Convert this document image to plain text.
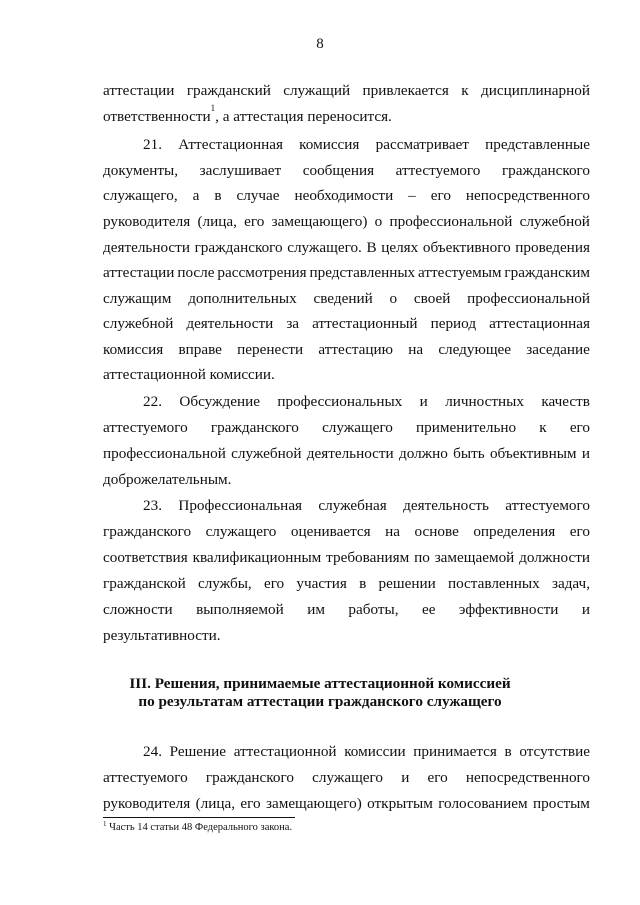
8
аттестации гражданский служащий привлекается к дисциплинарной
ответственности 1 , а аттестация переносится.
21. Аттестационная комиссия рассматривает представленные
документы, заслушивает сообщения аттестуемого гражданского
служащего, а в случае необходимости – его непосредственного
руководителя (лица, его замещающего) о профессиональной служебной
деятельности гражданского служащего. В целях объективного проведения
аттестации после рассмотрения представленных аттестуемым гражданским
служащим дополнительных сведений о своей профессиональной
служебной деятельности за аттестационный период аттестационная
комиссия вправе перенести аттестацию на следующее заседание
аттестационной комиссии.
22. Обсуждение профессиональных и личностных качеств
аттестуемого гражданского служащего применительно к его
профессиональной служебной деятельности должно быть объективным и
доброжелательным.
23. Профессиональная служебная деятельность аттестуемого
гражданского служащего оценивается на основе определения его
соответствия квалификационным требованиям по замещаемой должности
гражданской службы, его участия в решении поставленных задач,
сложности выполняемой им работы, ее эффективности и
результативности.
24. Решение аттестационной комиссии принимается в отсутствие
аттестуемого гражданского служащего и его непосредственного
руководителя (лица, его замещающего) открытым голосованием простым
III. Решения, принимаемые аттестационной комиссией
по результатам аттестации гражданского служащего
$^1$ Часть 14 статьи 48 Федерального закона.
